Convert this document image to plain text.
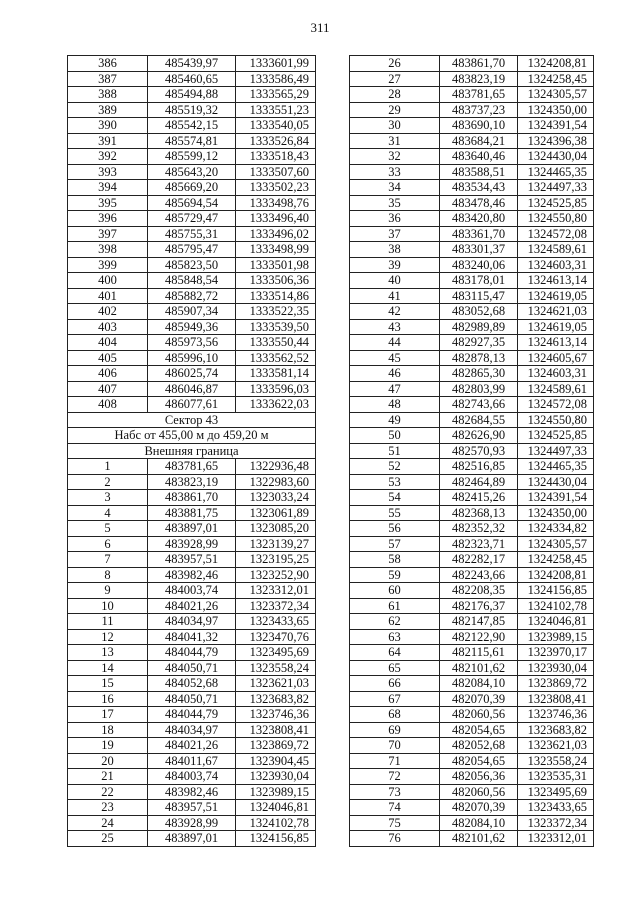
311
386	485439,97	1333601,99
387	485460,65	1333586,49
388	485494,88	1333565,29
389	485519,32	1333551,23
390	485542,15	1333540,05
391	485574,81	1333526,84
392	485599,12	1333518,43
393	485643,20	1333507,60
394	485669,20	1333502,23
395	485694,54	1333498,76
396	485729,47	1333496,40
397	485755,31	1333496,02
398	485795,47	1333498,99
399	485823,50	1333501,98
400	485848,54	1333506,36
401	485882,72	1333514,86
402	485907,34	1333522,35
403	485949,36	1333539,50
404	485973,56	1333550,44
405	485996,10	1333562,52
406	486025,74	1333581,14
407	486046,87	1333596,03
408	486077,61	1333622,03
Сектор 43		
Набс от 455,00 м до 459,20 м		
Внешняя граница		
1	483781,65	1322936,48
2	483823,19	1322983,60
3	483861,70	1323033,24
4	483881,75	1323061,89
5	483897,01	1323085,20
6	483928,99	1323139,27
7	483957,51	1323195,25
8	483982,46	1323252,90
9	484003,74	1323312,01
10	484021,26	1323372,34
11	484034,97	1323433,65
12	484041,32	1323470,76
13	484044,79	1323495,69
14	484050,71	1323558,24
15	484052,68	1323621,03
16	484050,71	1323683,82
17	484044,79	1323746,36
18	484034,97	1323808,41
19	484021,26	1323869,72
20	484011,67	1323904,45
21	484003,74	1323930,04
22	483982,46	1323989,15
23	483957,51	1324046,81
24	483928,99	1324102,78
25	483897,01	1324156,85
26	483861,70	1324208,81
27	483823,19	1324258,45
28	483781,65	1324305,57
29	483737,23	1324350,00
30	483690,10	1324391,54
31	483684,21	1324396,38
32	483640,46	1324430,04
33	483588,51	1324465,35
34	483534,43	1324497,33
35	483478,46	1324525,85
36	483420,80	1324550,80
37	483361,70	1324572,08
38	483301,37	1324589,61
39	483240,06	1324603,31
40	483178,01	1324613,14
41	483115,47	1324619,05
42	483052,68	1324621,03
43	482989,89	1324619,05
44	482927,35	1324613,14
45	482878,13	1324605,67
46	482865,30	1324603,31
47	482803,99	1324589,61
48	482743,66	1324572,08
49	482684,55	1324550,80
50	482626,90	1324525,85
51	482570,93	1324497,33
52	482516,85	1324465,35
53	482464,89	1324430,04
54	482415,26	1324391,54
55	482368,13	1324350,00
56	482352,32	1324334,82
57	482323,71	1324305,57
58	482282,17	1324258,45
59	482243,66	1324208,81
60	482208,35	1324156,85
61	482176,37	1324102,78
62	482147,85	1324046,81
63	482122,90	1323989,15
64	482115,61	1323970,17
65	482101,62	1323930,04
66	482084,10	1323869,72
67	482070,39	1323808,41
68	482060,56	1323746,36
69	482054,65	1323683,82
70	482052,68	1323621,03
71	482054,65	1323558,24
72	482056,36	1323535,31
73	482060,56	1323495,69
74	482070,39	1323433,65
75	482084,10	1323372,34
76	482101,62	1323312,01
